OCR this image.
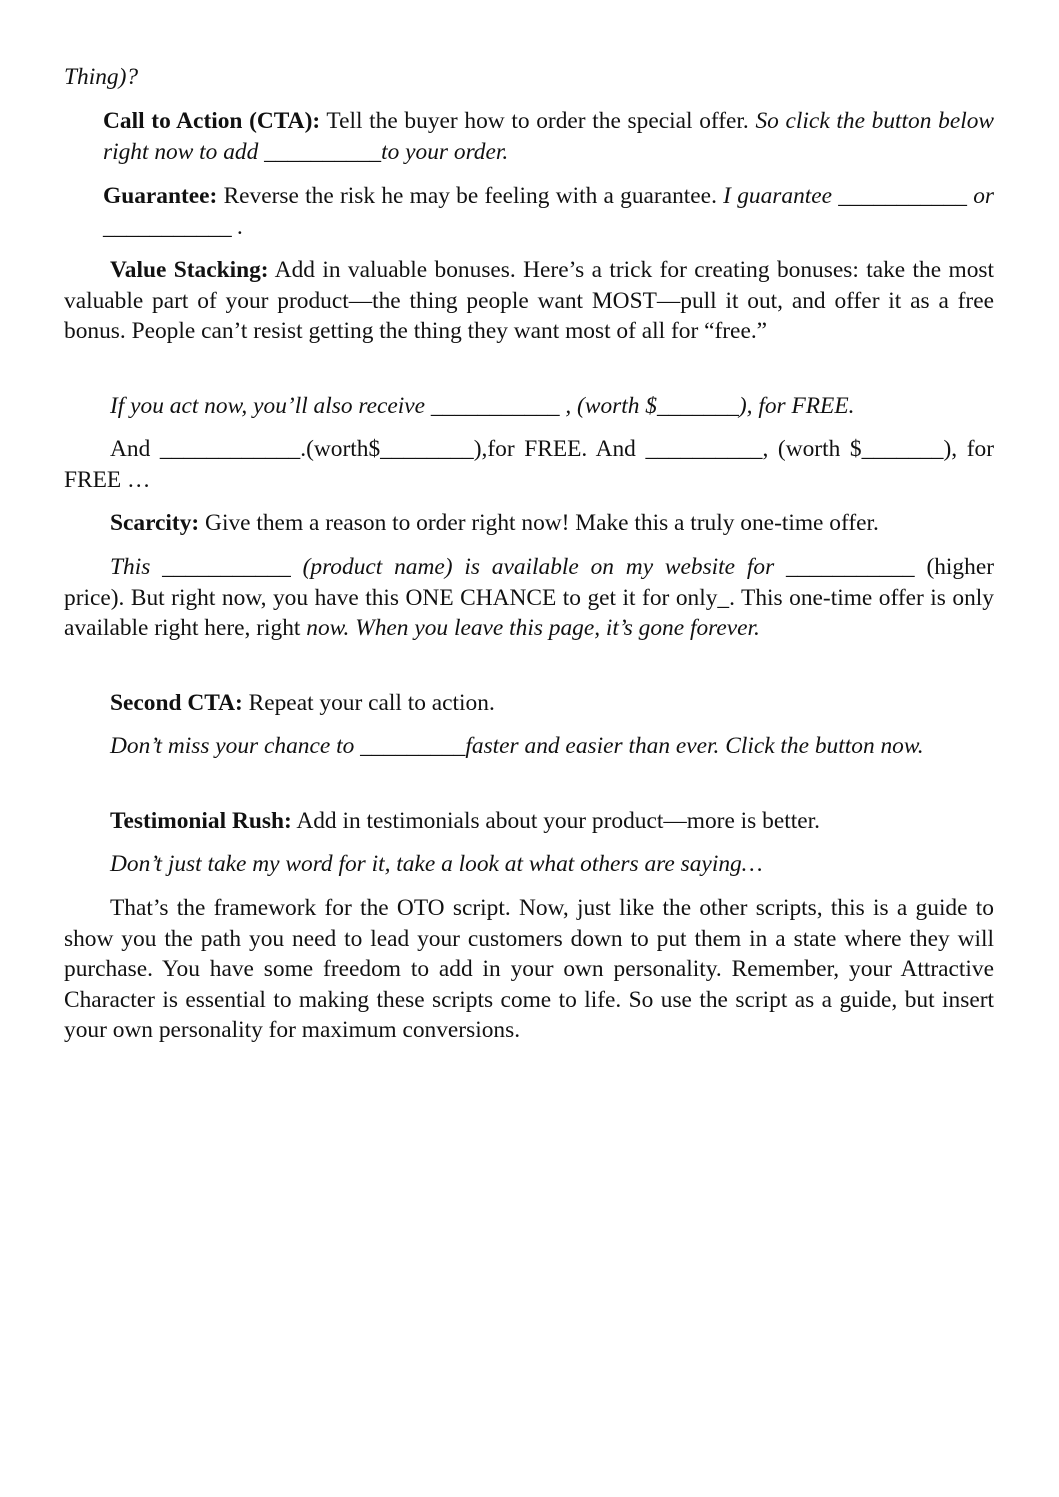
Thing)?

Call to Action (CTA): Tell the buyer how to order the special offer. So click the button below right now to add __________to your order.

Guarantee: Reverse the risk he may be feeling with a guarantee. I guarantee ___________ or ___________ .

Value Stacking: Add in valuable bonuses. Here’s a trick for creating bonuses: take the most valuable part of your product—the thing people want MOST—pull it out, and offer it as a free bonus. People can’t resist getting the thing they want most of all for “free.”

If you act now, you’ll also receive ___________ , (worth $_______), for FREE.

And ____________.(worth$________),for FREE. And __________, (worth $_______), for FREE …

Scarcity: Give them a reason to order right now! Make this a truly one-time offer.

This ___________ (product name) is available on my website for ___________ (higher price). But right now, you have this ONE CHANCE to get it for only_. This one-time offer is only available right here, right now. When you leave this page, it’s gone forever.

Second CTA: Repeat your call to action.

Don’t miss your chance to _________faster and easier than ever. Click the button now.

Testimonial Rush: Add in testimonials about your product—more is better.

Don’t just take my word for it, take a look at what others are saying…

That’s the framework for the OTO script. Now, just like the other scripts, this is a guide to show you the path you need to lead your customers down to put them in a state where they will purchase. You have some freedom to add in your own personality. Remember, your Attractive Character is essential to making these scripts come to life. So use the script as a guide, but insert your own personality for maximum conversions.
